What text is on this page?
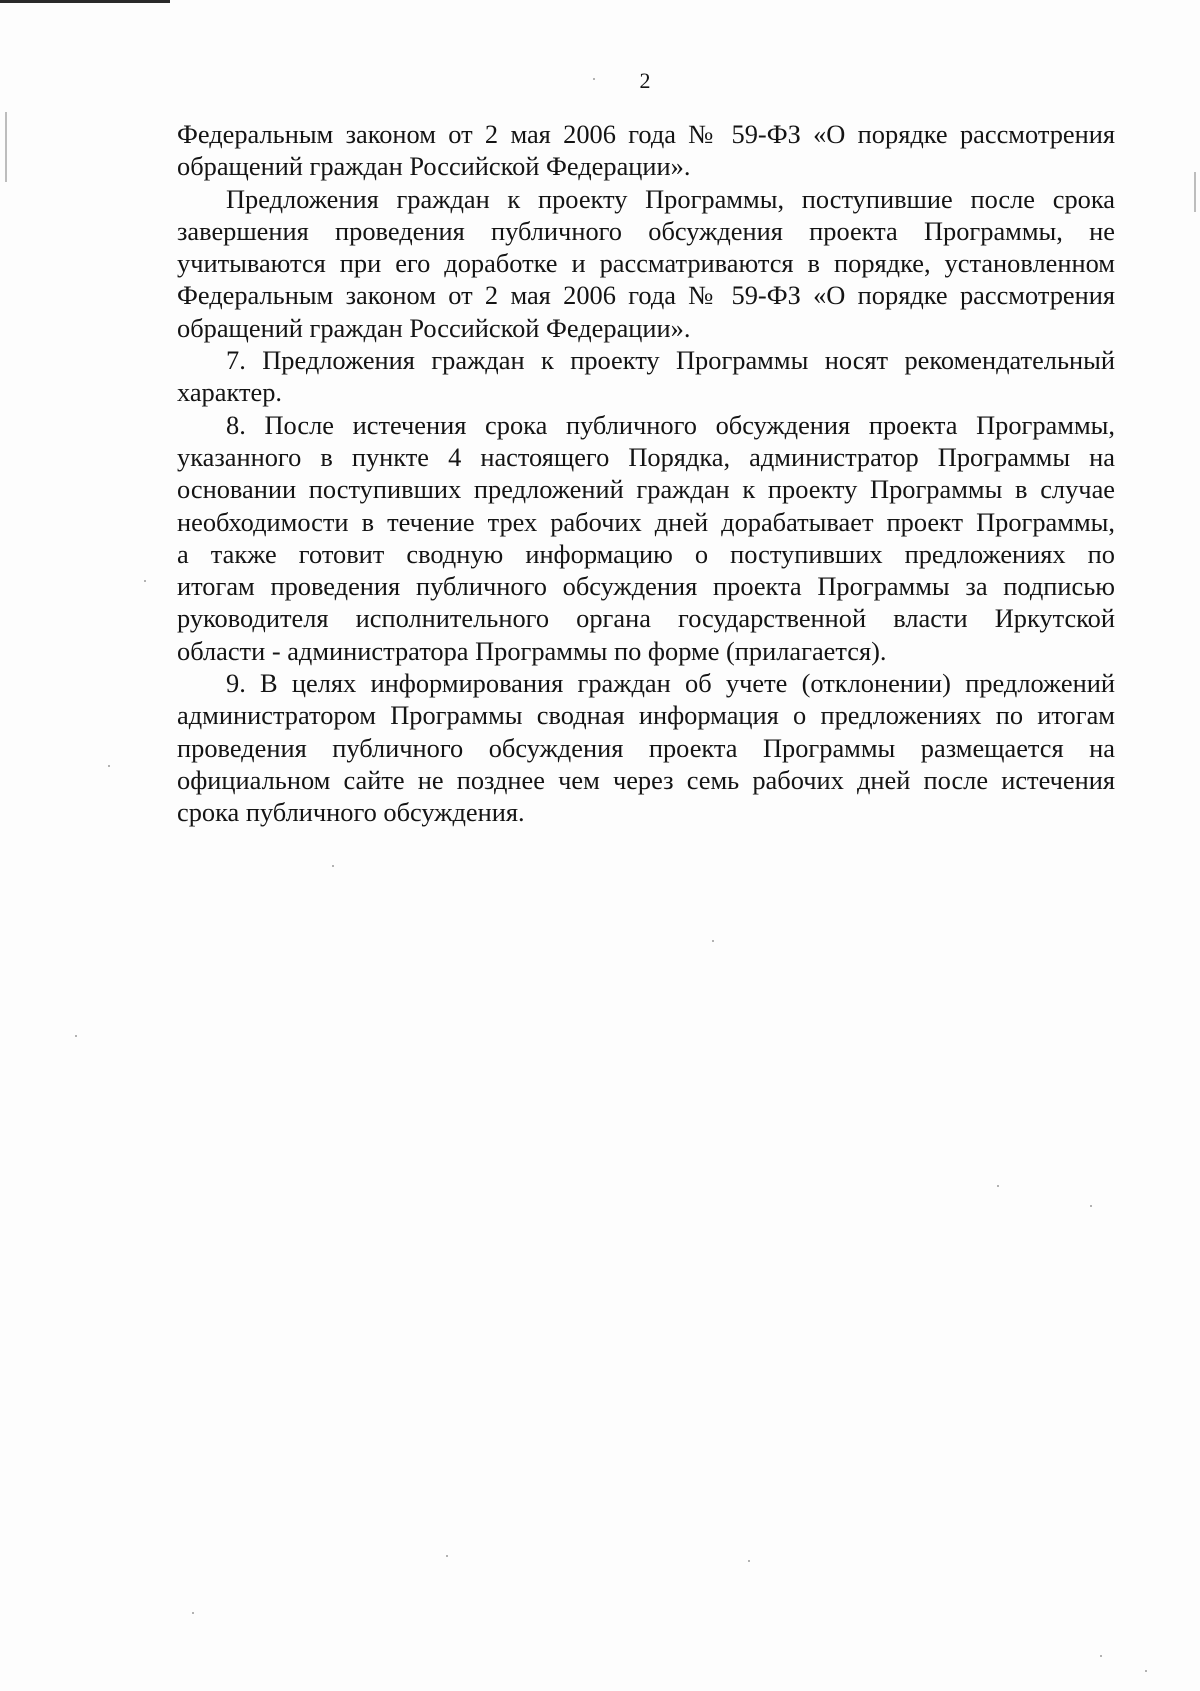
2

Федеральным законом от 2 мая 2006 года № 59-ФЗ «О порядке рассмотрения
обращений граждан Российской Федерации».

Предложения граждан к проекту Программы, поступившие после срока
завершения проведения публичного обсуждения проекта Программы, не
учитываются при его доработке и рассматриваются в порядке, установленном
Федеральным законом от 2 мая 2006 года № 59-ФЗ «О порядке рассмотрения
обращений граждан Российской Федерации».

7. Предложения граждан к проекту Программы носят рекомендательный
характер.

8. После истечения срока публичного обсуждения проекта Программы,
указанного в пункте 4 настоящего Порядка, администратор Программы на
основании поступивших предложений граждан к проекту Программы в случае
необходимости в течение трех рабочих дней дорабатывает проект Программы,
а также готовит сводную информацию о поступивших предложениях по
итогам проведения публичного обсуждения проекта Программы за подписью
руководителя исполнительного органа государственной власти Иркутской
области - администратора Программы по форме (прилагается).

9. В целях информирования граждан об учете (отклонении) предложений
администратором Программы сводная информация о предложениях по итогам
проведения публичного обсуждения проекта Программы размещается на
официальном сайте не позднее чем через семь рабочих дней после истечения
срока публичного обсуждения.
